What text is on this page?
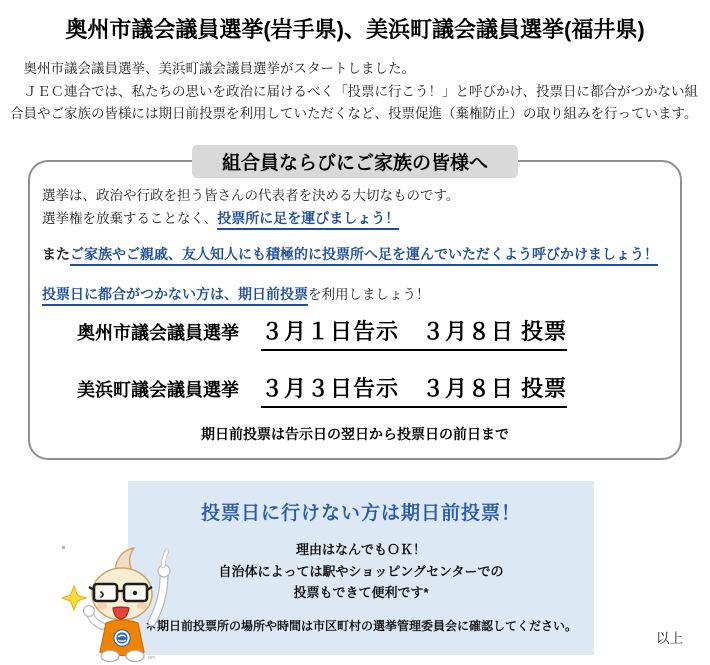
奥州市議会議員選挙(岩手県)、美浜町議会議員選挙(福井県)

　奥州市議会議員選挙、美浜町議会議員選挙がスタートしました。

　ＪＥＣ連合では、私たちの思いを政治に届けるべく「投票に行こう！」と呼びかけ、投票日に都合がつかない組合員やご家族の皆様には期日前投票を利用していただくなど、投票促進（棄権防止）の取り組みを行っています。

組合員ならびにご家族の皆様へ
選挙は、政治や行政を担う皆さんの代表者を決める大切なものです。
選挙権を放棄することなく、投票所に足を運びましょう！
またご家族やご親戚、友人知人にも積極的に投票所へ足を運んでいただくよう呼びかけましょう！
投票日に都合がつかない方は、期日前投票を利用しましょう！
奥州市議会議員選挙 ３月１日告示　３月８日 投票
美浜町議会議員選挙 ３月３日告示　３月８日 投票
期日前投票は告示日の翌日から投票日の前日まで
投票日に行けない方は期日前投票！
理由はなんでもＯＫ！
自治体によっては駅やショッピングセンターでの
投票もできて便利です*
＊期日前投票所の場所や時間は市区町村の選挙管理委員会に確認してください。
NPI
以上
